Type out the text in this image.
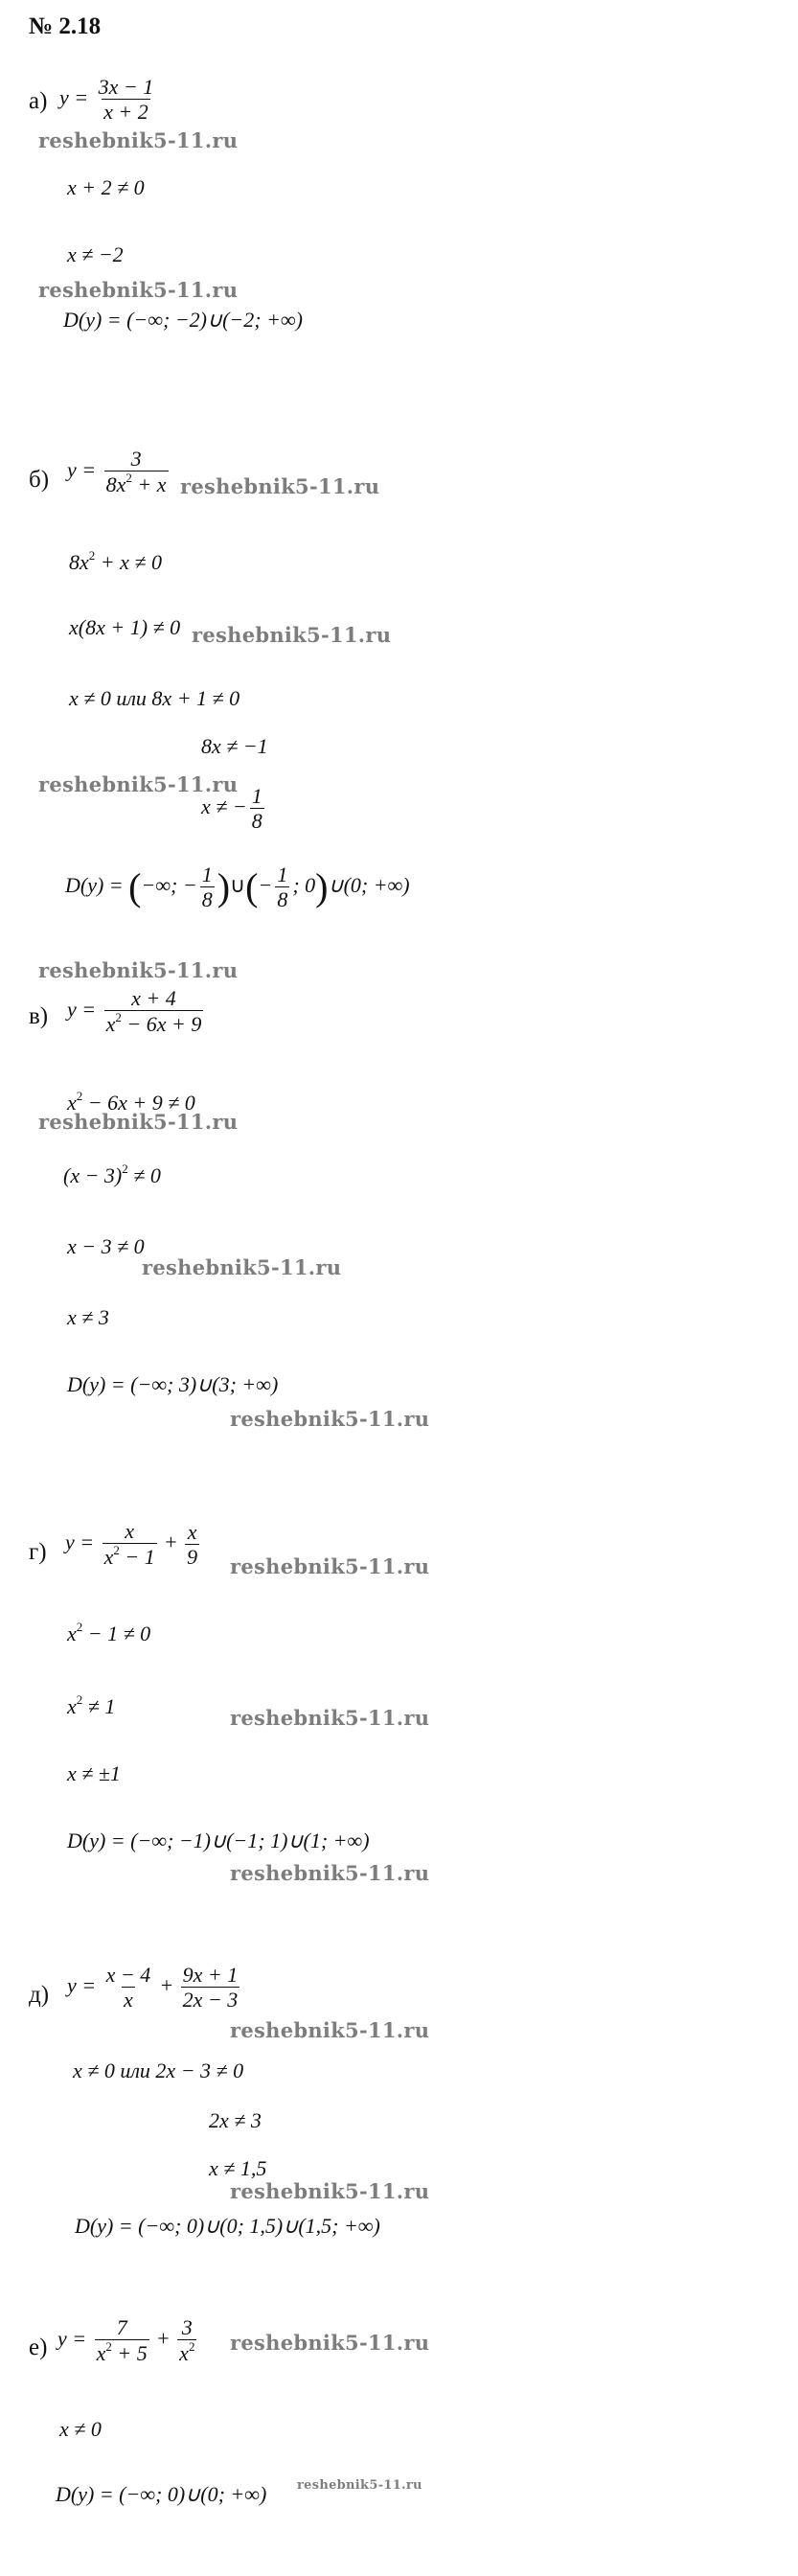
№ 2.18
а) $y = \frac{3x - 1}{x + 2}$
reshebnik5-11.ru
x + 2 ≠ 0
x ≠ −2
reshebnik5-11.ru
D(y) = (−∞; −2)∪(−2; +∞)
б) $y = \frac{3}{8x^2 + x}$ reshebnik5-11.ru
$8x^2 + x \ne 0$
x(8x + 1) ≠ 0 reshebnik5-11.ru
x ≠ 0 или 8x + 1 ≠ 0
8x ≠ −1
reshebnik5-11.ru
x ≠ − $\frac{1}{8}$
D(y) = (−∞; − $\frac{1}{8}$ )∪(− $\frac{1}{8}$ ; 0)∪(0; +∞)
reshebnik5-11.ru
в) $y = \frac{x + 4}{x^2 - 6x + 9}$
$x^2 - 6x + 9 \ne 0$
reshebnik5-11.ru
$(x - 3)^2 \ne 0$
x − 3 ≠ 0
reshebnik5-11.ru
x ≠ 3
D(y) = (−∞; 3)∪(3; +∞)
reshebnik5-11.ru
г) $y = \frac{x}{x^2 - 1} + \frac{x}{9}$ reshebnik5-11.ru
$x^2 - 1 \ne 0$
$x^2 \ne 1$	reshebnik5-11.ru
x ≠ ±1
D(y) = (−∞; −1)∪(−1; 1)∪(1; +∞)
reshebnik5-11.ru
д) $y = \frac{x - 4}{x} + \frac{9x + 1}{2x - 3}$
reshebnik5-11.ru
x ≠ 0 или 2x − 3 ≠ 0
2x ≠ 3
x ≠ 1,5
reshebnik5-11.ru
D(y) = (−∞; 0)∪(0; 1,5)∪(1,5; +∞)
е) $y = \frac{7}{x^2 + 5} + \frac{3}{x^2}$ reshebnik5-11.ru
x ≠ 0
D(y) = (−∞; 0)∪(0; +∞) reshebnik5-11.ru
